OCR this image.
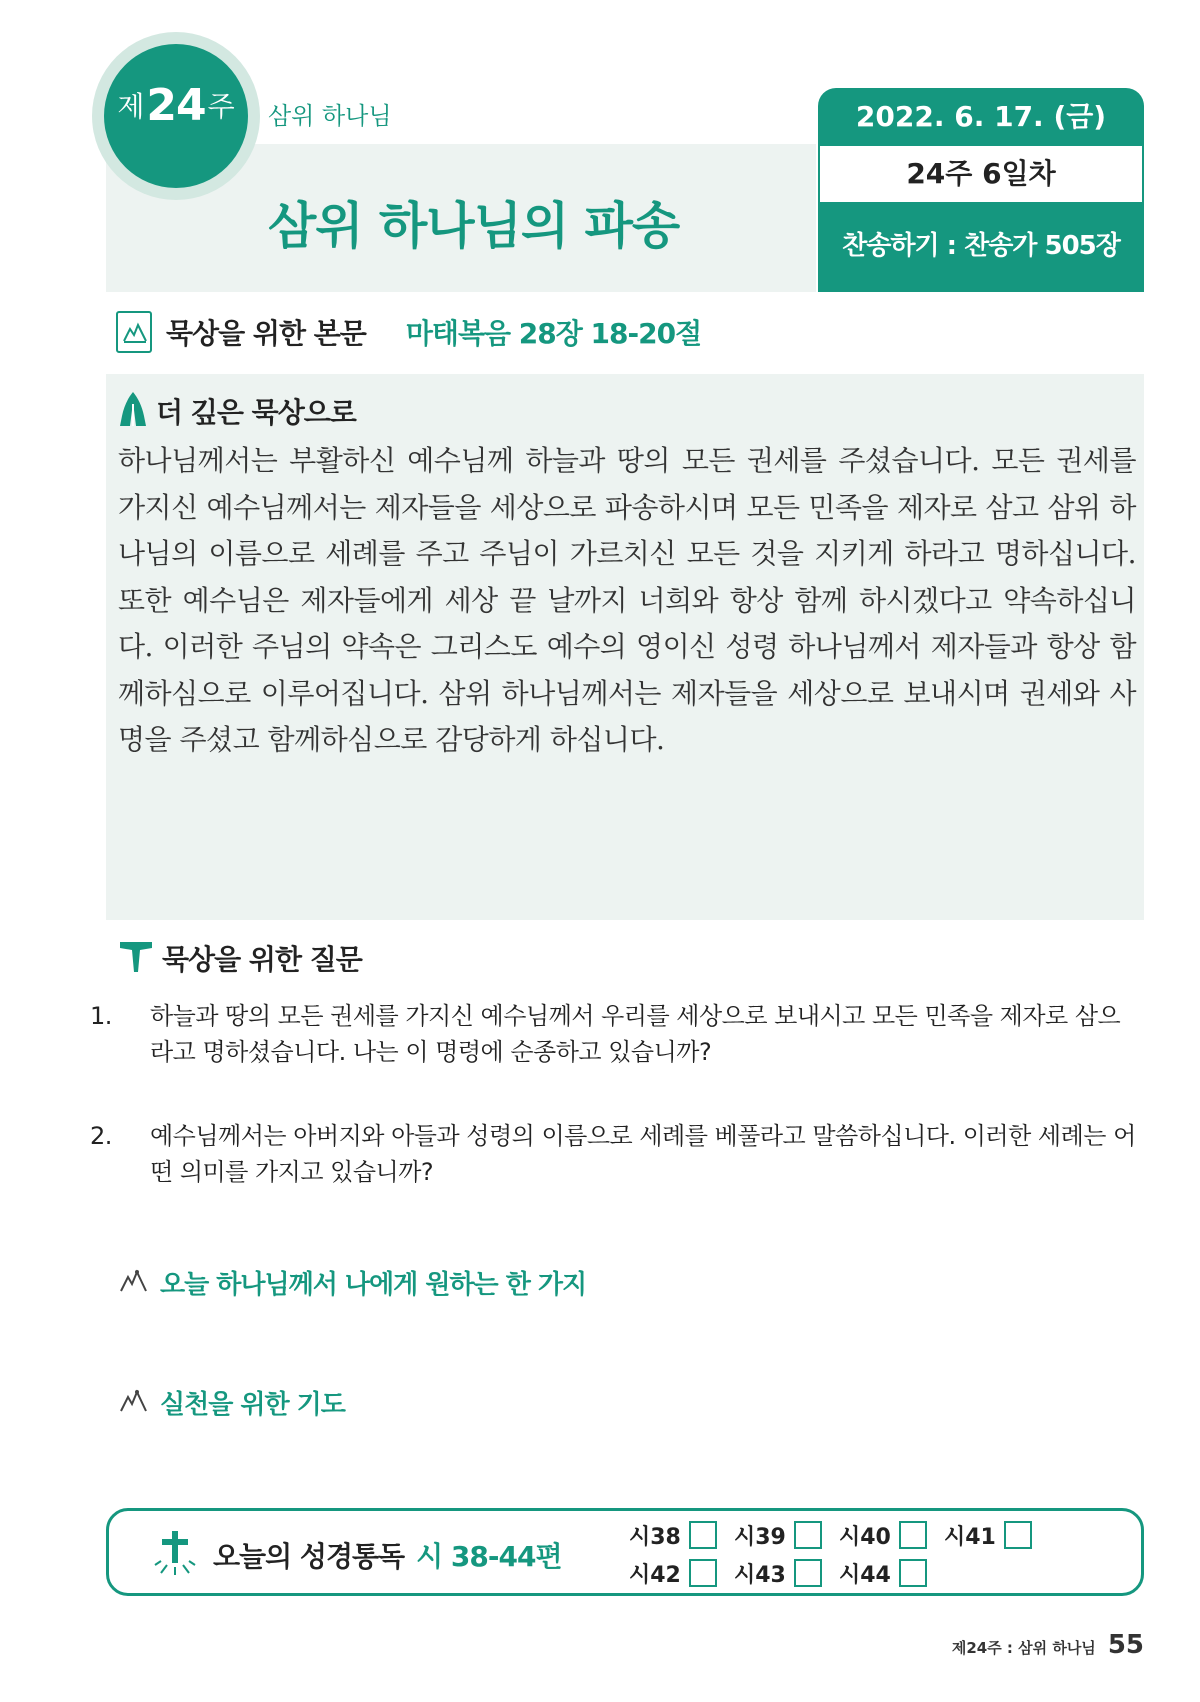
제 24 주 삼위 하나님
삼위 하나님의 파송
2022. 6. 17. (금)
24주 6일차
찬송하기 : 찬송가 505장
묵상을 위한 본문 마태복음 28장 18-20절
더 깊은 묵상으로
하나님께서는 부활하신 예수님께 하늘과 땅의 모든 권세를 주셨습니다. 모든 권세를 가지신 예수님께서는 제자들을 세상으로 파송하시며 모든 민족을 제자로 삼고 삼위 하나님의 이름으로 세례를 주고 주님이 가르치신 모든 것을 지키게 하라고 명하십니다. 또한 예수님은 제자들에게 세상 끝 날까지 너희와 항상 함께 하시겠다고 약속하십니다. 이러한 주님의 약속은 그리스도 예수의 영이신 성령 하나님께서 제자들과 항상 함께하심으로 이루어집니다. 삼위 하나님께서는 제자들을 세상으로 보내시며 권세와 사명을 주셨고 함께하심으로 감당하게 하십니다.
묵상을 위한 질문
1. 하늘과 땅의 모든 권세를 가지신 예수님께서 우리를 세상으로 보내시고 모든 민족을 제자로 삼으라고 명하셨습니다. 나는 이 명령에 순종하고 있습니까?
2. 예수님께서는 아버지와 아들과 성령의 이름으로 세례를 베풀라고 말씀하십니다. 이러한 세례는 어떤 의미를 가지고 있습니까?
오늘 하나님께서 나에게 원하는 한 가지
실천을 위한 기도
오늘의 성경통독 시 38-44편
시38	시39	시40	시41
시42	시43	시44
제24주 : 삼위 하나님 55
